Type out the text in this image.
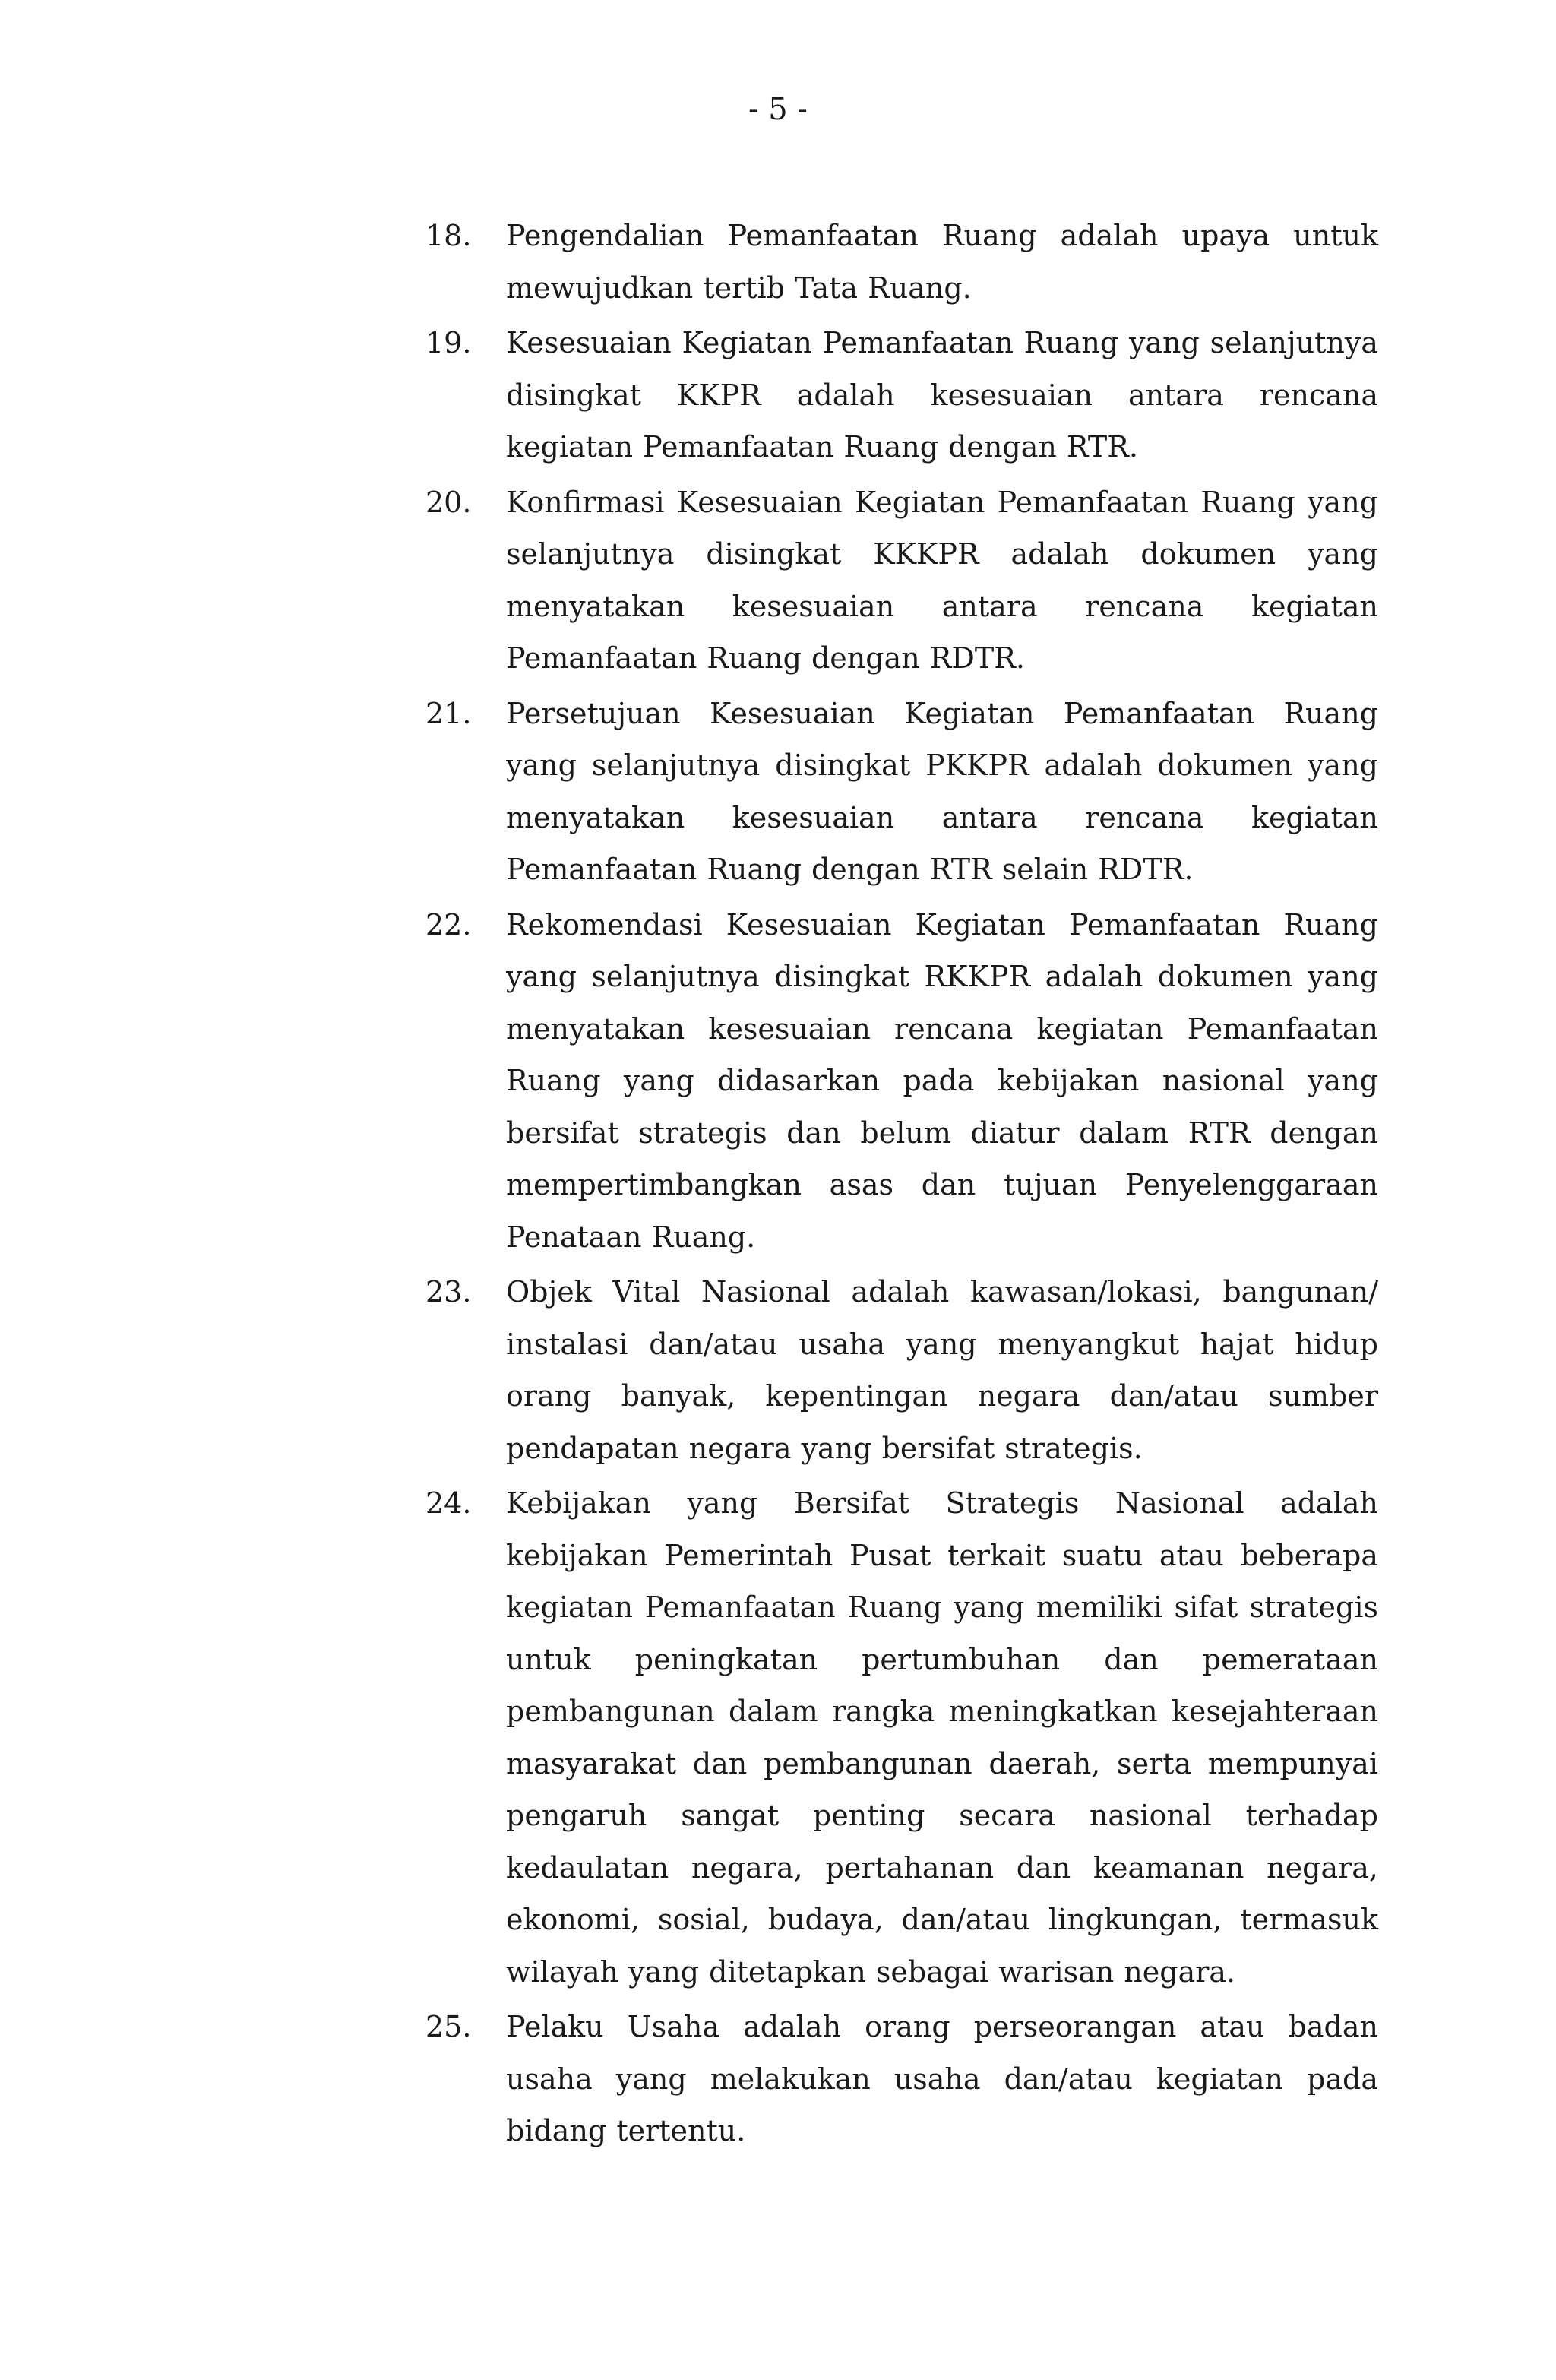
- 5 -
18.	Pengendalian Pemanfaatan Ruang adalah upaya untuk mewujudkan tertib Tata Ruang.
19.	Kesesuaian Kegiatan Pemanfaatan Ruang yang selanjutnya disingkat KKPR adalah kesesuaian antara rencana kegiatan Pemanfaatan Ruang dengan RTR.
20.	Konfirmasi Kesesuaian Kegiatan Pemanfaatan Ruang yang selanjutnya disingkat KKKPR adalah dokumen yang menyatakan kesesuaian antara rencana kegiatan Pemanfaatan Ruang dengan RDTR.
21.	Persetujuan Kesesuaian Kegiatan Pemanfaatan Ruang yang selanjutnya disingkat PKKPR adalah dokumen yang menyatakan kesesuaian antara rencana kegiatan Pemanfaatan Ruang dengan RTR selain RDTR.
22.	Rekomendasi Kesesuaian Kegiatan Pemanfaatan Ruang yang selanjutnya disingkat RKKPR adalah dokumen yang menyatakan kesesuaian rencana kegiatan Pemanfaatan Ruang yang didasarkan pada kebijakan nasional yang bersifat strategis dan belum diatur dalam RTR dengan mempertimbangkan asas dan tujuan Penyelenggaraan Penataan Ruang.
23.	Objek Vital Nasional adalah kawasan/lokasi, bangunan/ instalasi dan/atau usaha yang menyangkut hajat hidup orang banyak, kepentingan negara dan/atau sumber pendapatan negara yang bersifat strategis.
24.	Kebijakan yang Bersifat Strategis Nasional adalah kebijakan Pemerintah Pusat terkait suatu atau beberapa kegiatan Pemanfaatan Ruang yang memiliki sifat strategis untuk peningkatan pertumbuhan dan pemerataan pembangunan dalam rangka meningkatkan kesejahteraan masyarakat dan pembangunan daerah, serta mempunyai pengaruh sangat penting secara nasional terhadap kedaulatan negara, pertahanan dan keamanan negara, ekonomi, sosial, budaya, dan/atau lingkungan, termasuk wilayah yang ditetapkan sebagai warisan negara.
25.	Pelaku Usaha adalah orang perseorangan atau badan usaha yang melakukan usaha dan/atau kegiatan pada bidang tertentu.
